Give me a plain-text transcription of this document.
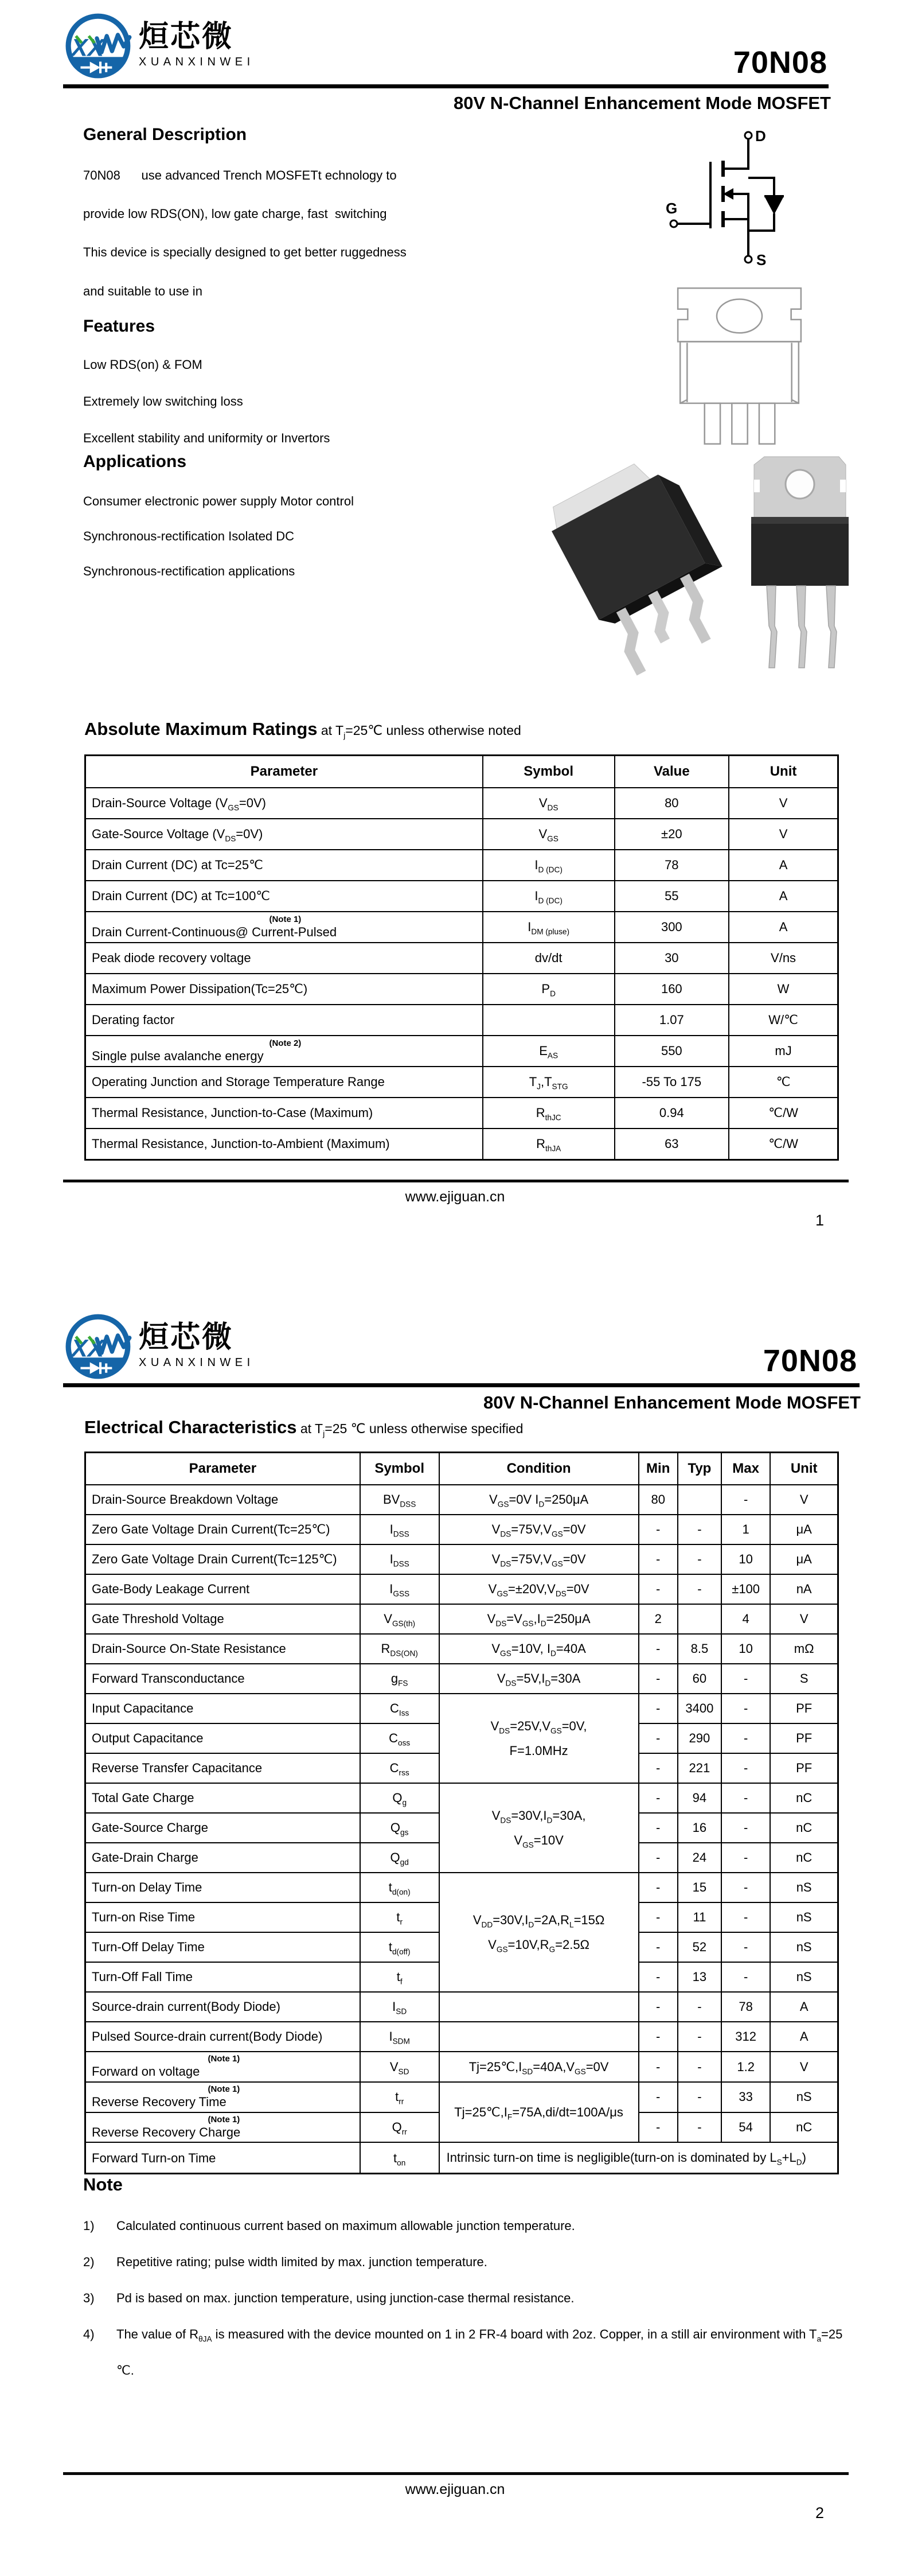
XX 烜芯微
XUANXINWEI	70N08
80V N-Channel Enhancement Mode MOSFET
General Description

70N08      use advanced Trench MOSFETt echnology to

provide low RDS(ON), low gate charge, fast  switching

This device is specially designed to get better ruggedness

and suitable to use in

Features

Low RDS(on) & FOM

Extremely low switching loss

Excellent stability and uniformity or Invertors

Applications

Consumer electronic power supply Motor control

Synchronous-rectification Isolated DC

Synchronous-rectification applications

D
G
S
Absolute Maximum Ratings at $T_j=25℃$ unless otherwise noted
Parameter	Symbol	Value	Unit
Drain-Source Voltage $(V_{GS}=0V)$	$V_{DS}$	80	V
Gate-Source Voltage $(V_{DS}=0V)$	$V_{GS}$	±20	V
Drain Current (DC) at Tc=25℃	$I_{D (DC)}$	78	A
Drain Current (DC) at Tc=100℃	$I_{D (DC)}$	55	A

(Note 1)
Drain Current-Continuous@ Current-Pulsed	$I_{DM (pluse)}$	300	A
Peak diode recovery voltage	dv/dt	30	V/ns
Maximum Power Dissipation(Tc=25℃)	$P_D$	160	W
Derating factor		1.07	W/℃

(Note 2)
Single pulse avalanche energy	$E_{AS}$	550	mJ
Operating Junction and Storage Temperature Range	$T_J,T_{STG}$	-55 To 175	℃
Thermal Resistance, Junction-to-Case (Maximum)	$R_{thJC}$	0.94	℃/W
Thermal Resistance, Junction-to-Ambient (Maximum)	$R_{thJA}$	63	℃/W
www.ejiguan.cn
1
XX 烜芯微
XUANXINWEI	70N08
80V N-Channel Enhancement Mode MOSFET
Electrical Characteristics at $T_j=25$ ℃ unless otherwise specified
Parameter	Symbol	Condition	Min	Typ	Max	Unit
Drain-Source Breakdown Voltage	$BV_{DSS}$	$V_{GS}=0V$ $I_D=250\mu A$	80		-	V
Zero Gate Voltage Drain Current(Tc=25℃)	$I_{DSS}$	$V_{DS}=75V,V_{GS}=0V$	-	-	1	μA
Zero Gate Voltage Drain Current(Tc=125℃)	$I_{DSS}$	$V_{DS}=75V,V_{GS}=0V$	-	-	10	μA
Gate-Body Leakage Current	$I_{GSS}$	$V_{GS}=\pm 20V,V_{DS}=0V$	-	-	±100	nA
Gate Threshold Voltage	$V_{GS(th)}$	$V_{DS}=V_{GS},I_D=250\mu A$	2		4	V
Drain-Source On-State Resistance	$R_{DS(ON)}$	$V_{GS}=10V$, $I_D=40A$	-	8.5	10	mΩ
Forward Transconductance	$g_{FS}$	$V_{DS}=5V,I_D=30A$	-	60	-	S
Input Capacitance	$C_{Iss}$	$V_{DS}=25V,V_{GS}=0V$,
F=1.0MHz	-	3400	-	PF
Output Capacitance	$C_{oss}$		-	290	-	PF
Reverse Transfer Capacitance	$C_{rss}$		-	221	-	PF
Total Gate Charge	$Q_g$	$V_{DS}=30V,I_D=30A$,
$V_{GS}=10V$	-	94	-	nC
Gate-Source Charge	$Q_{gs}$		-	16	-	nC
Gate-Drain Charge	$Q_{gd}$		-	24	-	nC
Turn-on Delay Time	$t_{d(on)}$	$V_{DD}=30V,I_D=2A,R_L=15\Omega$
$V_{GS}=10V,R_G=2.5\Omega$	-	15	-	nS
Turn-on Rise Time	$t_r$		-	11	-	nS
Turn-Off Delay Time	$t_{d(off)}$		-	52	-	nS
Turn-Off Fall Time	$t_f$		-	13	-	nS
Source-drain current(Body Diode)	$I_{SD}$		-	-	78	A
Pulsed Source-drain current(Body Diode)	$I_{SDM}$		-	-	312	A

(Note 1)
Forward on voltage	$V_{SD}$	$Tj=25℃,I_{SD}=40A,V_{GS}=0V$	-	-	1.2	V

(Note 1)
Reverse Recovery Time	$t_{rr}$	$Tj=25℃,I_F=75A,di/dt=100A/\mu s$	-	-	33	nS

(Note 1)
Reverse Recovery Charge	$Q_{rr}$		-	-	54	nC
Forward Turn-on Time	$t_{on}$	Intrinsic turn-on time is negligible(turn-on is dominated by $L_S+L_D$)				
Note
1)	Calculated continuous current based on maximum allowable junction temperature.
2)	Repetitive rating; pulse width limited by max. junction temperature.
3)	Pd is based on max. junction temperature, using junction-case thermal resistance.
4)	The value of $R_{\theta JA}$ is measured with the device mounted on 1 in 2 FR-4 board with 2oz. Copper, in a still air environment with $T_a=25$ ℃.
www.ejiguan.cn
2
